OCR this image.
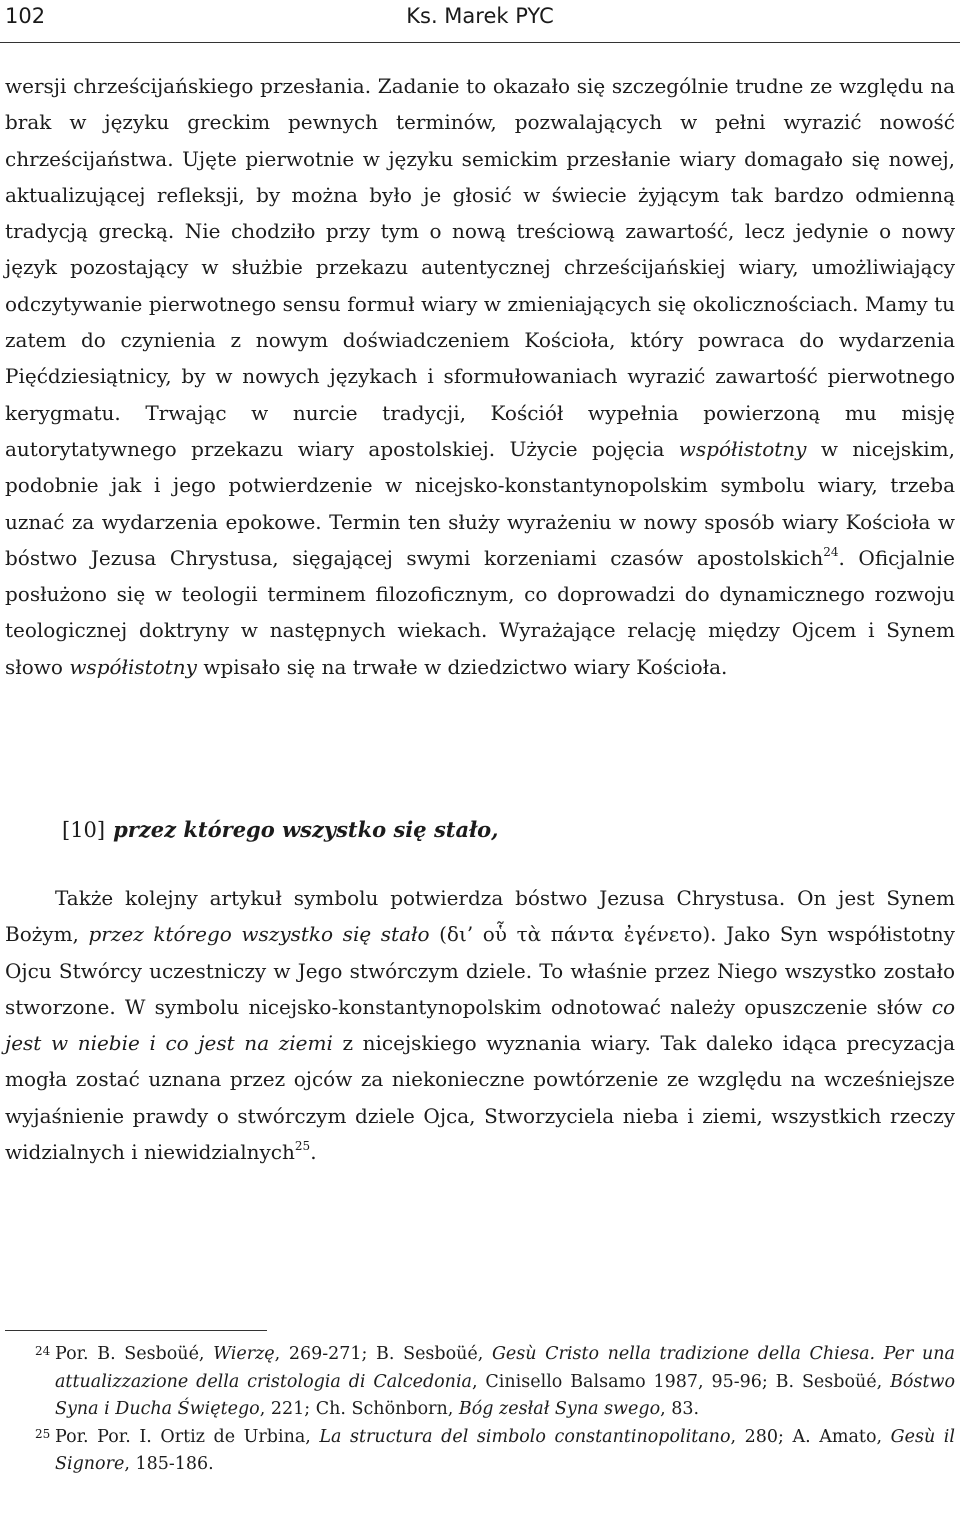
102	Ks. Marek PYC
wersji chrześcijańskiego przesłania. Zadanie to okazało się szczególnie trudne ze względu na brak w języku greckim pewnych terminów, pozwalających w pełni wyrazić nowość chrześcijaństwa. Ujęte pierwotnie w języku semickim przesłanie wiary domagało się nowej, aktualizującej refleksji, by można było je głosić w świecie żyjącym tak bardzo odmienną tradycją grecką. Nie chodziło przy tym o nową treściową zawartość, lecz jedynie o nowy język pozostający w służbie przekazu autentycznej chrześcijańskiej wiary, umożliwiający odczytywanie pierwotnego sensu formuł wiary w zmieniających się okolicznościach. Mamy tu zatem do czynienia z nowym doświadczeniem Kościoła, który powraca do wydarzenia Pięćdziesiątnicy, by w nowych językach i sformułowaniach wyrazić zawartość pierwotnego kerygmatu. Trwając w nurcie tradycji, Kościół wypełnia powierzoną mu misję autorytatywnego przekazu wiary apostolskiej. Użycie pojęcia współistotny w nicejskim, podobnie jak i jego potwierdzenie w nicejsko-konstantynopolskim symbolu wiary, trzeba uznać za wydarzenia epokowe. Termin ten służy wyrażeniu w nowy sposób wiary Kościoła w bóstwo Jezusa Chrystusa, sięgającej swymi korzeniami czasów apostolskich$^{24}$. Oficjalnie posłużono się w teologii terminem filozoficznym, co doprowadzi do dynamicznego rozwoju teologicznej doktryny w następnych wiekach. Wyrażające relację między Ojcem i Synem słowo współistotny wpisało się na trwałe w dziedzictwo wiary Kościoła.
[10] przez którego wszystko się stało,
Także kolejny artykuł symbolu potwierdza bóstwo Jezusa Chrystusa. On jest Synem Bożym, przez którego wszystko się stało (δι’ οὗ τὰ πάντα ἐγένετο). Jako Syn współistotny Ojcu Stwórcy uczestniczy w Jego stwórczym dziele. To właśnie przez Niego wszystko zostało stworzone. W symbolu nicejsko-konstantynopolskim odnotować należy opuszczenie słów co jest w niebie i co jest na ziemi z nicejskiego wyznania wiary. Tak daleko idąca precyzacja mogła zostać uznana przez ojców za niekonieczne powtórzenie ze względu na wcześniejsze wyjaśnienie prawdy o stwórczym dziele Ojca, Stworzyciela nieba i ziemi, wszystkich rzeczy widzialnych i niewidzialnych$^{25}$.
24 Por. B. Sesboüé, Wierzę, 269-271; B. Sesboüé, Gesù Cristo nella tradizione della Chiesa. Per una attualizzazione della cristologia di Calcedonia, Cinisello Balsamo 1987, 95-96; B. Sesboüé, Bóstwo Syna i Ducha Świętego, 221; Ch. Schönborn, Bóg zesłał Syna swego, 83.
25 Por. Por. I. Ortiz de Urbina, La structura del simbolo constantinopolitano, 280; A. Amato, Gesù il Signore, 185-186.
